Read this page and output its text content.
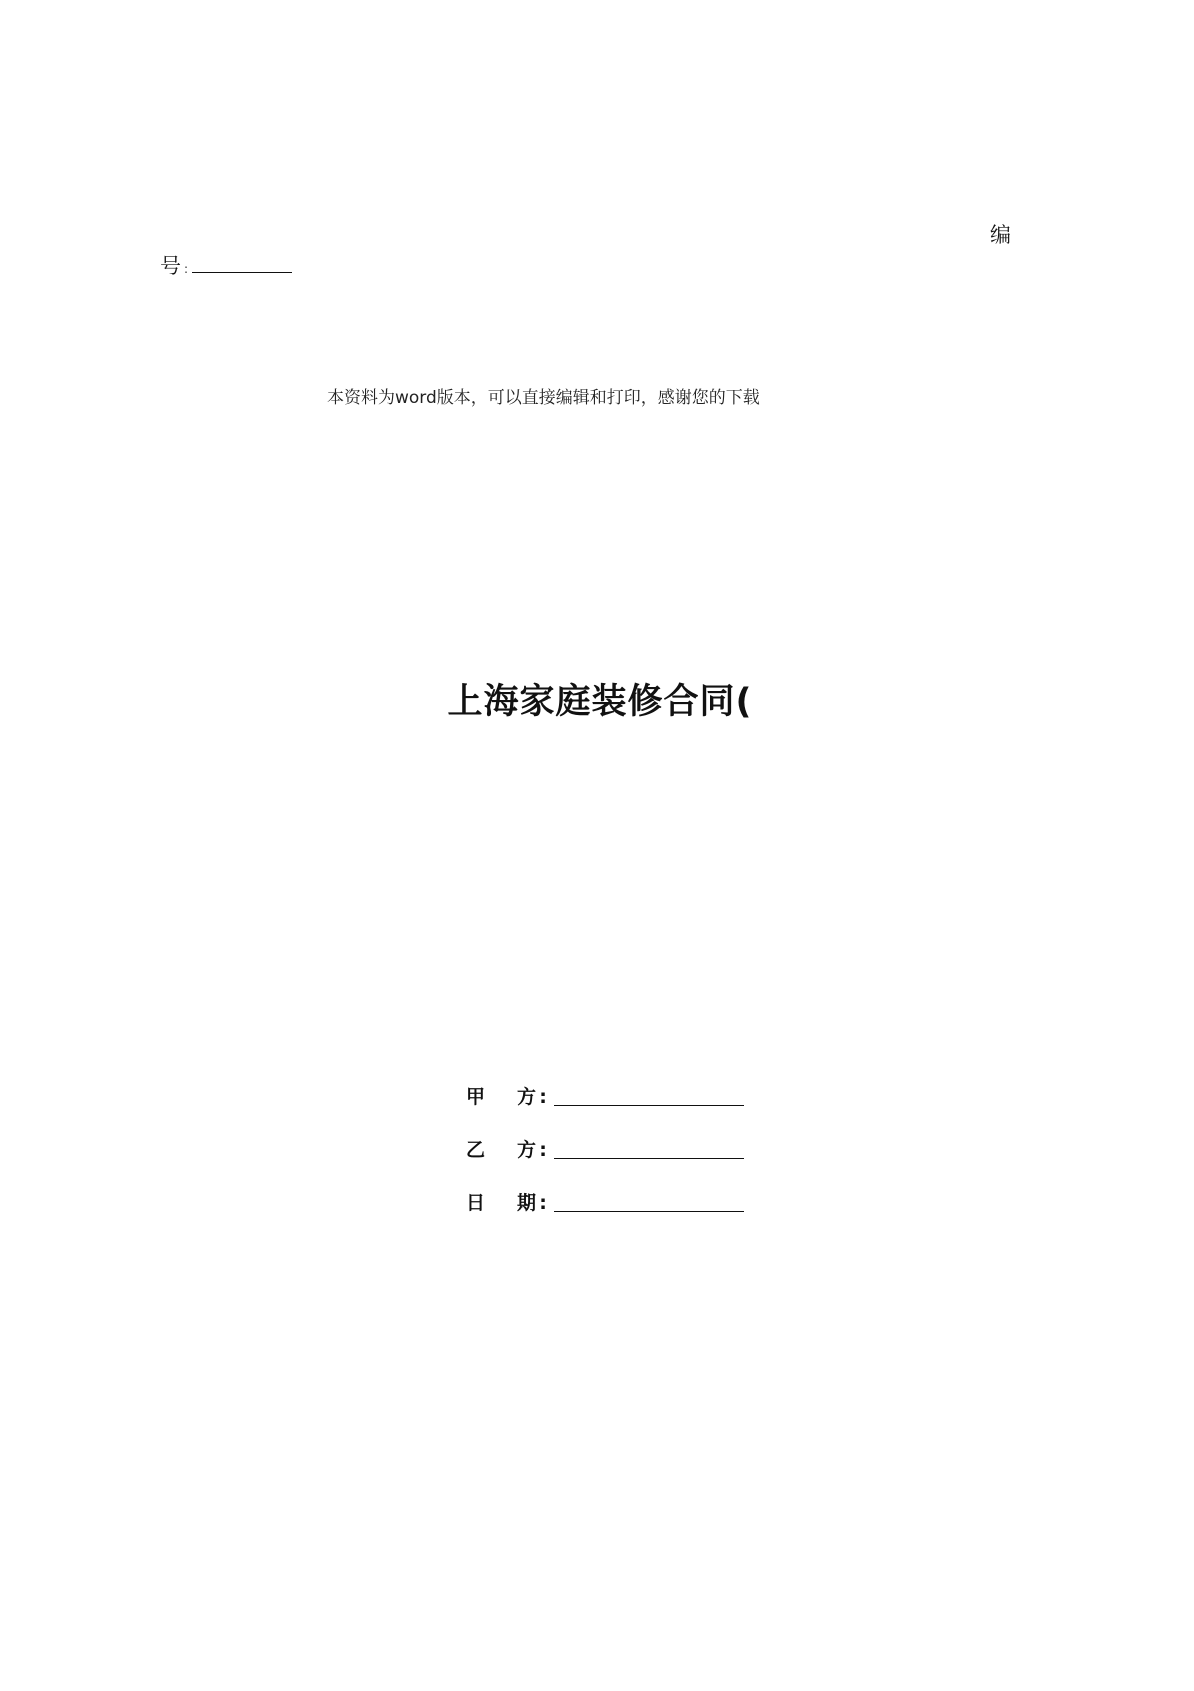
编
号 :
本资料为word版本，可以直接编辑和打印，感谢您的下载
上海家庭装修合同(
甲 方 :
乙 方 :
日 期 :
